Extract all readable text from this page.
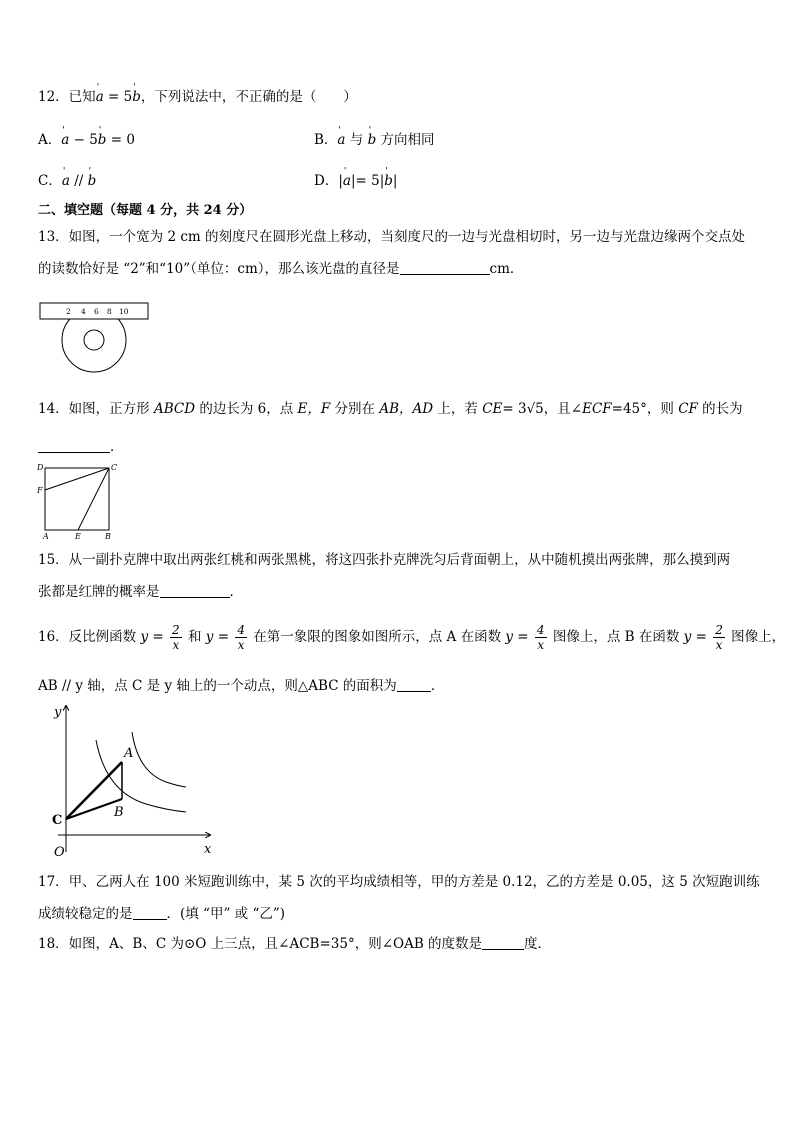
12．已知' a = 5' b，下列说法中，不正确的是（　　）
A．' a − 5' b = 0	B．' a 与 ' b 方向相同
C．' a // ' b	D．|' a|= 5|' b|
二、填空题（每题 4 分，共 24 分）
13．如图，一个宽为 2 cm 的刻度尺在圆形光盘上移动，当刻度尺的一边与光盘相切时，另一边与光盘边缘两个交点处
的读数恰好是 “2”和“10”（单位：cm），那么该光盘的直径是	cm．
2 4 6 8 10
14．如图，正方形 ABCD 的边长为 6，点 E，F 分别在 AB，AD 上，若 CE= 3√5，且∠ECF=45°，则 CF 的长为
．
D	C
F
A	E	B
15．从一副扑克牌中取出两张红桃和两张黑桃，将这四张扑克牌洗匀后背面朝上，从中随机摸出两张牌，那么摸到两
张都是红牌的概率是	．
16．反比例函数 $y = \frac{2}{x}$ 和 $y = \frac{4}{x}$ 在第一象限的图象如图所示，点 A 在函数 $y = \frac{4}{x}$ 图像上，点 B 在函数 $y = \frac{2}{x}$ 图像上，
AB // y 轴，点 C 是 y 轴上的一个动点，则△ABC 的面积为	．
y
x
O
A
B
C
17．甲、乙两人在 100 米短跑训练中，某 5 次的平均成绩相等，甲的方差是 0.12，乙的方差是 0.05，这 5 次短跑训练
成绩较稳定的是	．(填 “甲” 或 “乙”)
18．如图，A、B、C 为⊙O 上三点，且∠ACB=35°，则∠OAB 的度数是	度．
